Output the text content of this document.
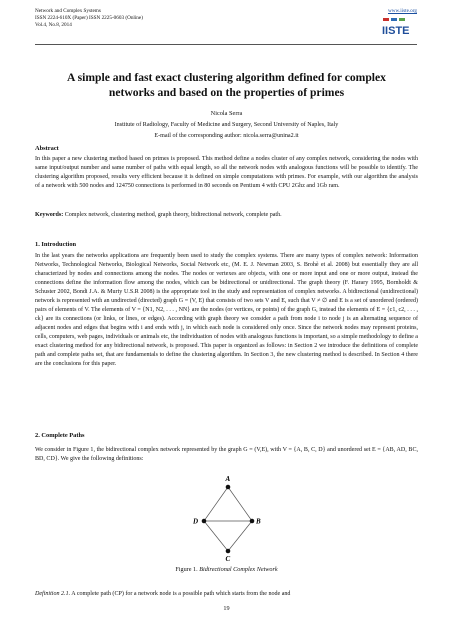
Network and Complex Systems
ISSN 2224-610X (Paper) ISSN 2225-0603 (Online)
Vol.4, No.8, 2014
www.iiste.org
IISTE
A simple and fast exact clustering algorithm defined for complex
networks and based on the properties of primes
Nicola Serra
Institute of Radiology, Faculty of Medicine and Surgery, Second University of Naples, Italy
E-mail of the corresponding author: nicola.serra@unina2.it
Abstract
In this paper a new clustering method based on primes is proposed. This method define a nodes cluster of any complex network, considering the nodes with same input/output number and same number of paths with equal length, so all the network nodes with analogous functions will be possible to identify. The clustering algorithm proposed, results very efficient because it is defined on simple computations with primes. For example, with our algorithm the analysis of a network with 500 nodes and 124750 connections is performed in 80 seconds on Pentium 4 with CPU 2Ghz and 1Gb ram.
Keywords: Complex network, clustering method, graph theory, bidirectional network, complete path.
1. Introduction
In the last years the networks applications are frequently been used to study the complex systems. There are many types of complex network: Information Networks, Technological Networks, Biological Networks, Social Network etc, (M. E. J. Newman 2003, S. Brohè et al. 2008) but essentially they are all characterized by nodes and connections among the nodes. The nodes or vertexes are objects, with one or more input and one or more output, instead the connections define the information flow among the nodes, which can be bidirectional or unidirectional. The graph theory (F. Harary 1995, Bornholdt & Schuster 2002, Bondi J.A. & Murty U.S.R 2008) is the appropriate tool in the study and representation of complex networks. A bidirectional (unidirectional) network is represented with an undirected (directed) graph G = (V, E) that consists of two sets V and E, such that V ≠ ∅ and E is a set of unordered (ordered) pairs of elements of V. The elements of V = {N1, N2, . . . , NN} are the nodes (or vertices, or points) of the graph G, instead the elements of E = {c1, c2, . . . , ck} are its connections (or links, or lines, or edges). According with graph theory we consider a path from node i to node j is an alternating sequence of adjacent nodes and edges that begins with i and ends with j, in which each node is considered only once. Since the network nodes may represent proteins, cells, computers, web pages, individuals or animals etc, the individuation of nodes with analogous functions is important, so a simple methodology to define a exact clustering method for any bidirectional network, is proposed. This paper is organized as follows: in Section 2 we introduce the definitions of complete path and complete paths set, that are fundamentals to define the clustering algorithm. In Section 3, the new clustering method is described. In Section 4 there are the conclusions for this paper.
2. Complete Paths
We consider in Figure 1, the bidirectional complex network represented by the graph G = (V,E), with V = {A, B, C, D} and unordered set E = {AB, AD, BC, BD, CD}. We give the following definitions:
A
B
C
D
Figure 1. Bidirectional Complex Network
Definition 2.1. A complete path (CP) for a network node is a possible path which starts from the node and
19
